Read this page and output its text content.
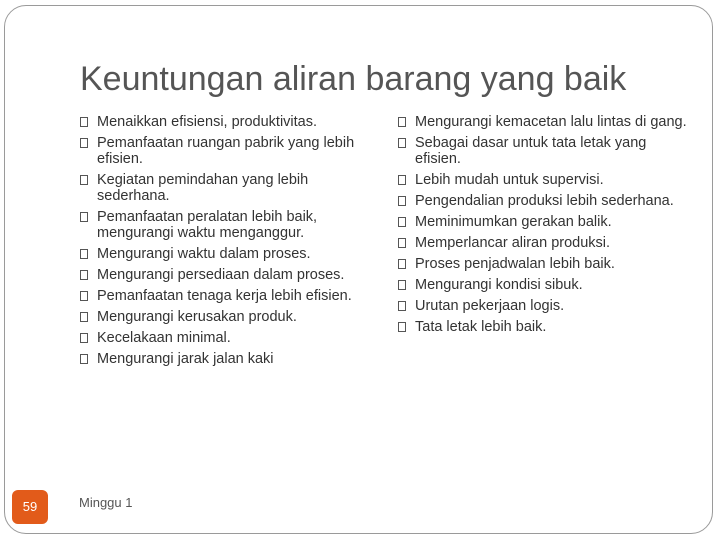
Keuntungan aliran barang yang baik
Menaikkan efisiensi, produktivitas.
Pemanfaatan ruangan pabrik yang lebih efisien.
Kegiatan pemindahan yang lebih sederhana.
Pemanfaatan peralatan lebih baik, mengurangi waktu menganggur.
Mengurangi waktu dalam proses.
Mengurangi persediaan dalam proses.
Pemanfaatan tenaga kerja lebih efisien.
Mengurangi kerusakan produk.
Kecelakaan minimal.
Mengurangi jarak jalan kaki
Mengurangi kemacetan lalu lintas di gang.
Sebagai dasar untuk tata letak yang efisien.
Lebih mudah untuk supervisi.
Pengendalian produksi lebih sederhana.
Meminimumkan gerakan balik.
Memperlancar aliran produksi.
Proses penjadwalan lebih baik.
Mengurangi kondisi sibuk.
Urutan pekerjaan logis.
Tata letak lebih baik.
59	Minggu 1
